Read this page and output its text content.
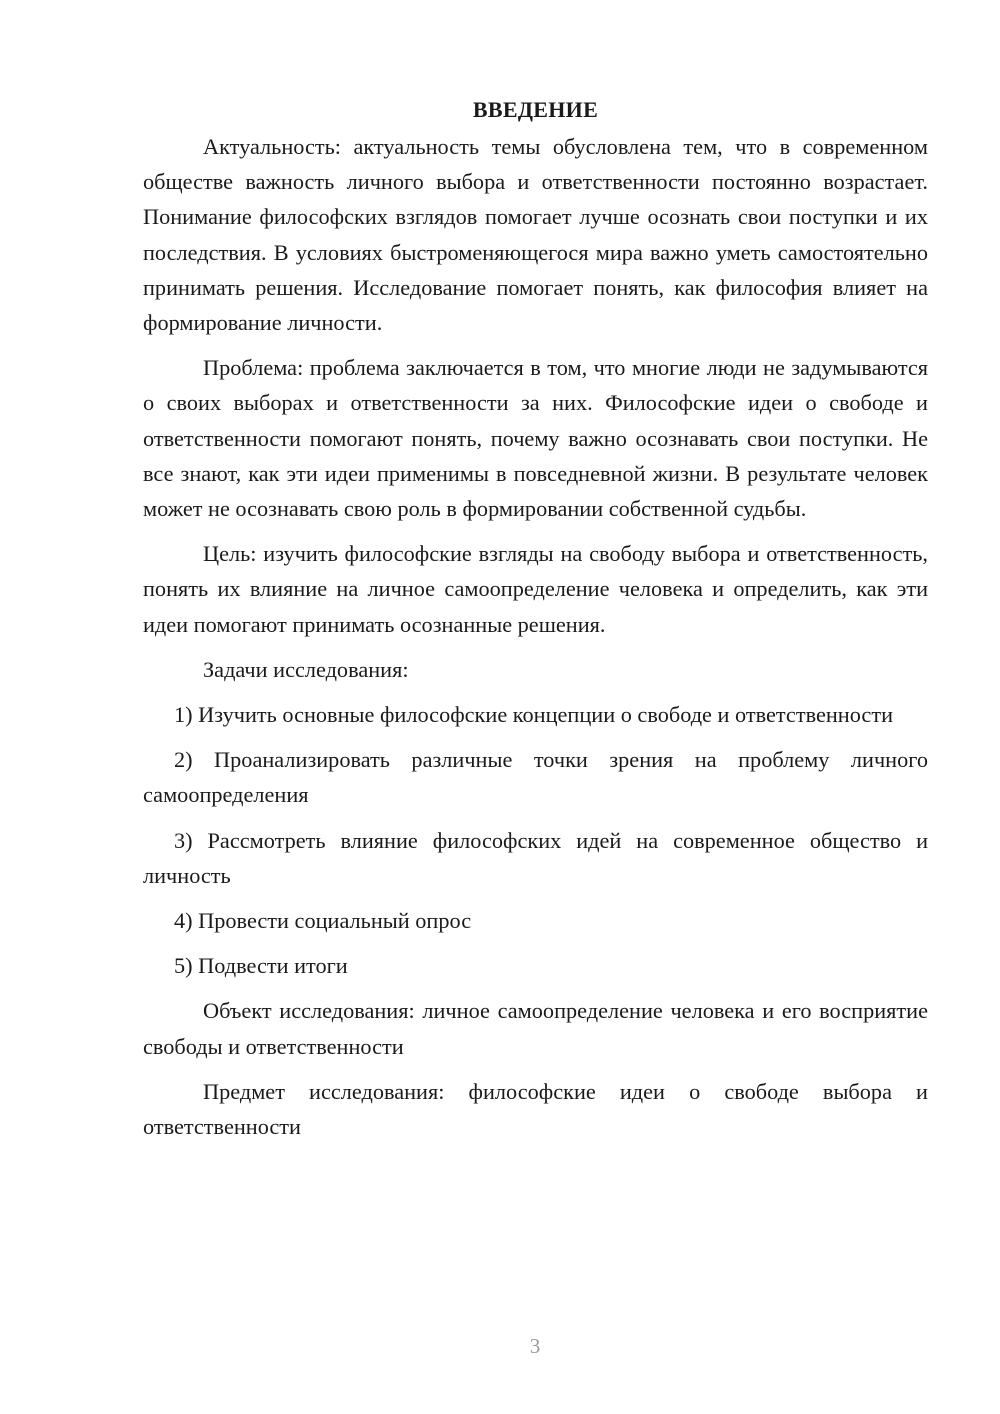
ВВЕДЕНИЕ
Актуальность: актуальность темы обусловлена тем, что в современном обществе важность личного выбора и ответственности постоянно возрастает. Понимание философских взглядов помогает лучше осознать свои поступки и их последствия. В условиях быстроменяющегося мира важно уметь самостоятельно принимать решения. Исследование помогает понять, как философия влияет на формирование личности.
Проблема: проблема заключается в том, что многие люди не задумываются о своих выборах и ответственности за них. Философские идеи о свободе и ответственности помогают понять, почему важно осознавать свои поступки. Не все знают, как эти идеи применимы в повседневной жизни. В результате человек может не осознавать свою роль в формировании собственной судьбы.
Цель: изучить философские взгляды на свободу выбора и ответственность, понять их влияние на личное самоопределение человека и определить, как эти идеи помогают принимать осознанные решения.
Задачи исследования:
1) Изучить основные философские концепции о свободе и ответственности
2) Проанализировать различные точки зрения на проблему личного самоопределения
3) Рассмотреть влияние философских идей на современное общество и личность
4) Провести социальный опрос
5) Подвести итоги
Объект исследования: личное самоопределение человека и его восприятие свободы и ответственности
Предмет исследования: философские идеи о свободе выбора и ответственности
3
